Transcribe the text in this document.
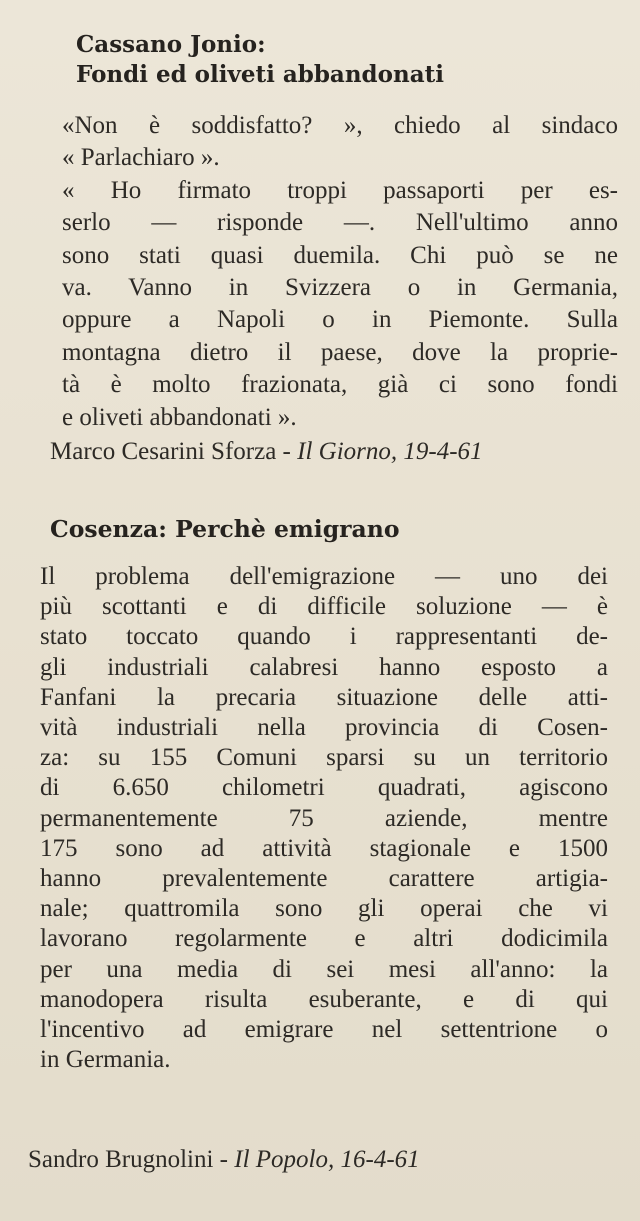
Cassano Jonio:
Fondi ed oliveti abbandonati

«Non è soddisfatto? », chiedo al sindaco
« Parlachiaro ».
« Ho firmato troppi passaporti per es-
serlo — risponde —. Nell'ultimo anno
sono stati quasi duemila. Chi può se ne
va. Vanno in Svizzera o in Germania,
oppure a Napoli o in Piemonte. Sulla
montagna dietro il paese, dove la proprie-
tà è molto frazionata, già ci sono fondi
e oliveti abbandonati ».

Marco Cesarini Sforza - Il Giorno, 19-4-61

Cosenza: Perchè emigrano

Il problema dell'emigrazione — uno dei
più scottanti e di difficile soluzione — è
stato toccato quando i rappresentanti de-
gli industriali calabresi hanno esposto a
Fanfani la precaria situazione delle atti-
vità industriali nella provincia di Cosen-
za: su 155 Comuni sparsi su un territorio
di 6.650 chilometri quadrati, agiscono
permanentemente 75 aziende, mentre
175 sono ad attività stagionale e 1500
hanno prevalentemente carattere artigia-
nale; quattromila sono gli operai che vi
lavorano regolarmente e altri dodicimila
per una media di sei mesi all'anno: la
manodopera risulta esuberante, e di qui
l'incentivo ad emigrare nel settentrione o
in Germania.

Sandro Brugnolini - Il Popolo, 16-4-61
